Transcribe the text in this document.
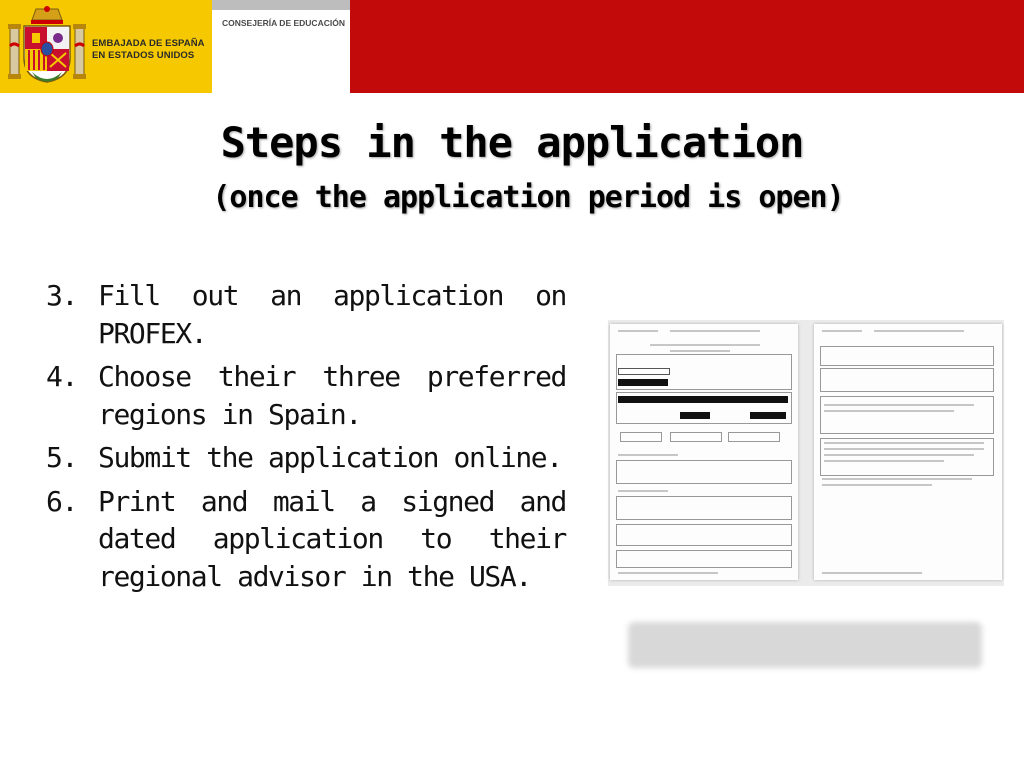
EMBAJADA DE ESPAÑA
EN ESTADOS UNIDOS
CONSEJERÍA DE EDUCACIÓN
Steps in the application
(once the application period is open)
3. Fill out an application on PROFEX.
4. Choose their three preferred regions in Spain.
5. Submit the application online.
6. Print and mail a signed and dated application to their regional advisor in the USA.
